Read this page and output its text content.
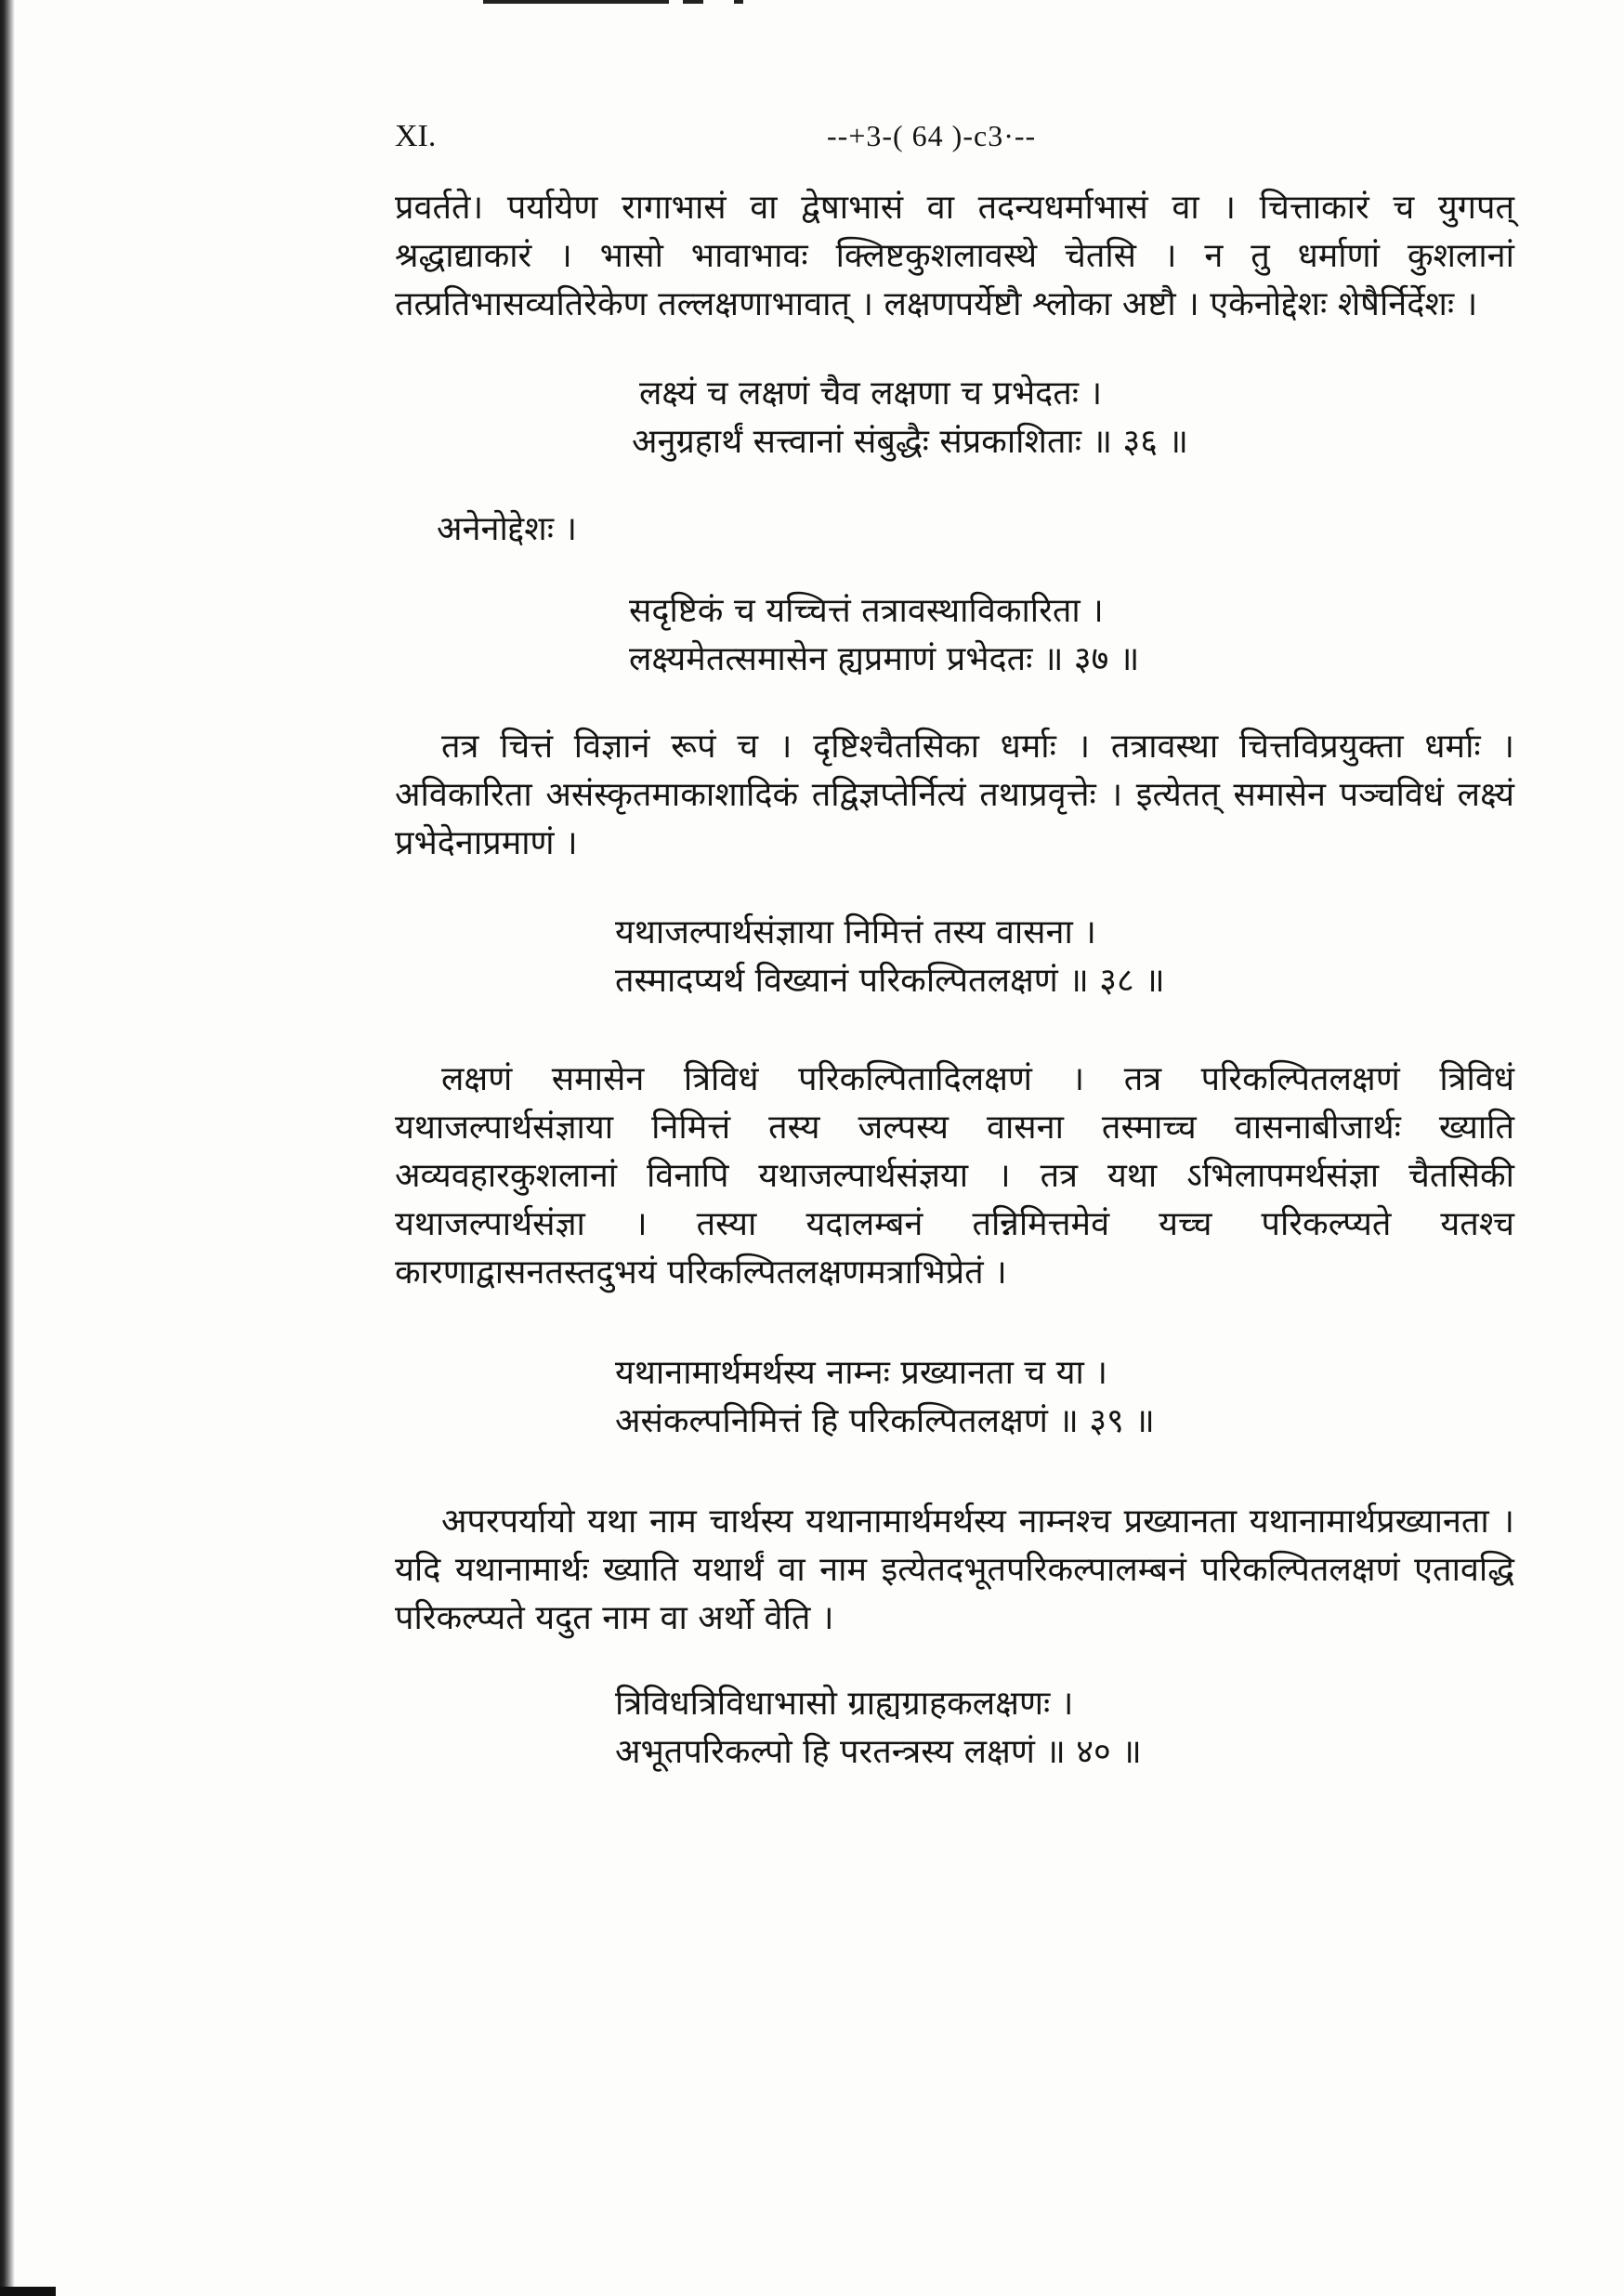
XI.	--+3-( 64 )-c3·--

प्रवर्तते। पर्यायेण रागाभासं वा द्वेषाभासं वा तदन्यधर्माभासं वा । चित्ताकारं च युगपत् श्रद्धाद्याकारं । भासो भावाभावः क्लिष्टकुशलावस्थे चेतसि । न तु धर्माणां कुशलानां तत्प्रतिभासव्यतिरेकेण तल्लक्षणाभावात् । लक्षणपर्येष्टौ श्लोका अष्टौ । एकेनोद्देशः शेषैर्निर्देशः ।

लक्ष्यं च लक्षणं चैव लक्षणा च प्रभेदतः ।
अनुग्रहार्थं सत्त्वानां संबुद्धैः संप्रकाशिताः ॥ ३६ ॥

अनेनोद्देशः ।

सदृष्टिकं च यच्चित्तं तत्रावस्थाविकारिता ।
लक्ष्यमेतत्समासेन ह्यप्रमाणं प्रभेदतः ॥ ३७ ॥

तत्र चित्तं विज्ञानं रूपं च । दृष्टिश्चैतसिका धर्माः । तत्रावस्था चित्तविप्रयुक्ता धर्माः । अविकारिता असंस्कृतमाकाशादिकं तद्विज्ञप्तेर्नित्यं तथाप्रवृत्तेः । इत्येतत् समासेन पञ्चविधं लक्ष्यं प्रभेदेनाप्रमाणं ।

यथाजल्पार्थसंज्ञाया निमित्तं तस्य वासना ।
तस्मादप्यर्थ विख्यानं परिकल्पितलक्षणं ॥ ३८ ॥

लक्षणं समासेन त्रिविधं परिकल्पितादिलक्षणं । तत्र परिकल्पितलक्षणं त्रिविधं यथाजल्पार्थसंज्ञाया निमित्तं तस्य जल्पस्य वासना तस्माच्च वासनाबीजार्थः ख्याति अव्यवहारकुशलानां विनापि यथाजल्पार्थसंज्ञया । तत्र यथा ऽभिलापमर्थसंज्ञा चैतसिकी यथाजल्पार्थसंज्ञा । तस्या यदालम्बनं तन्निमित्तमेवं यच्च परिकल्प्यते यतश्च कारणाद्वासनतस्तदुभयं परिकल्पितलक्षणमत्राभिप्रेतं ।

यथानामार्थमर्थस्य नाम्नः प्रख्यानता च या ।
असंकल्पनिमित्तं हि परिकल्पितलक्षणं ॥ ३९ ॥

अपरपर्यायो यथा नाम चार्थस्य यथानामार्थमर्थस्य नाम्नश्च प्रख्यानता यथानामार्थप्रख्यानता । यदि यथानामार्थः ख्याति यथार्थं वा नाम इत्येतदभूतपरिकल्पालम्बनं परिकल्पितलक्षणं एतावद्धि परिकल्प्यते यदुत नाम वा अर्थो वेति ।

त्रिविधत्रिविधाभासो ग्राह्यग्राहकलक्षणः ।
अभूतपरिकल्पो हि परतन्त्रस्य लक्षणं ॥ ४० ॥
